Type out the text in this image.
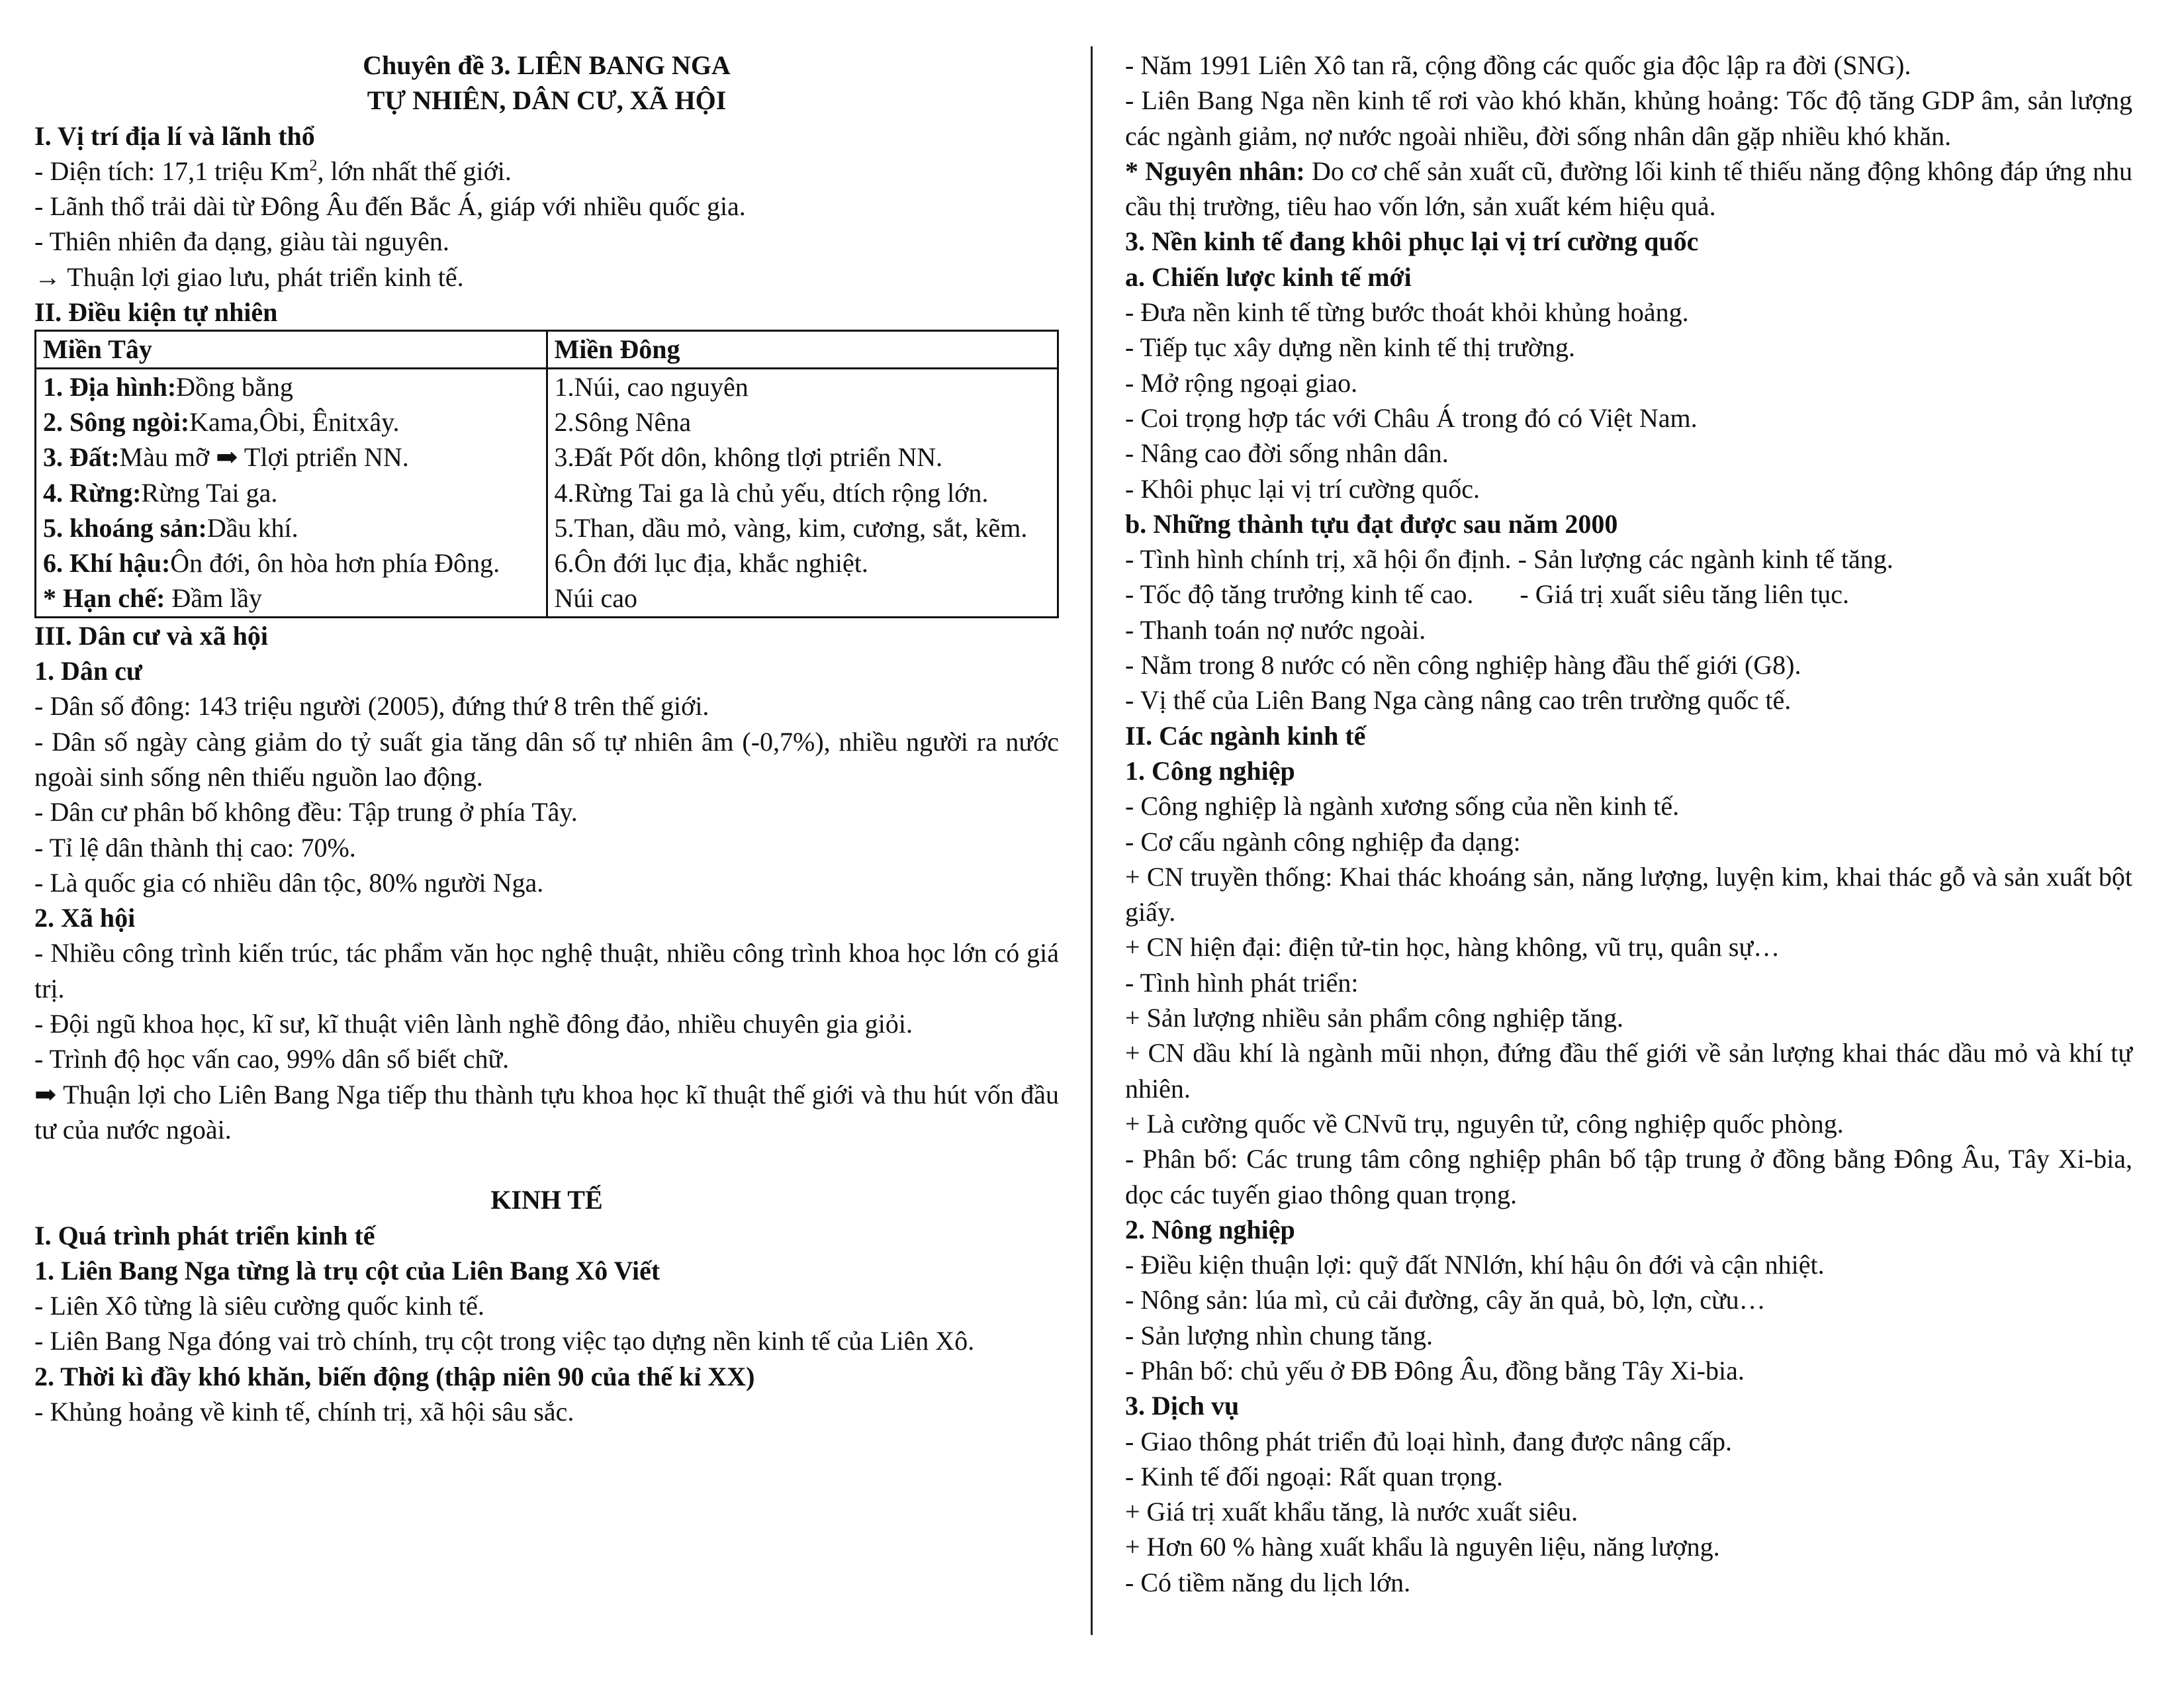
Chuyên đề 3. LIÊN BANG NGA
TỰ NHIÊN, DÂN CƯ, XÃ HỘI
I. Vị trí địa lí và lãnh thổ
- Diện tích: 17,1 triệu Km$^2$, lớn nhất thế giới.
- Lãnh thổ trải dài từ Đông Âu đến Bắc Á, giáp với nhiều quốc gia.
- Thiên nhiên đa dạng, giàu tài nguyên.
→ Thuận lợi giao lưu, phát triển kinh tế.
II. Điều kiện tự nhiên
Miền Tây	Miền Đông
1. Địa hình:Đồng bằng	1.Núi, cao nguyên
2. Sông ngòi:Kama,Ôbi, Ênitxây.	2.Sông Nêna
3. Đất:Màu mỡ ➡ Tlợi ptriển NN.	3.Đất Pốt dôn, không tlợi ptriển NN.
4. Rừng:Rừng Tai ga.	4.Rừng Tai ga là chủ yếu, dtích rộng lớn.
5. khoáng sản:Dầu khí.	5.Than, dầu mỏ, vàng, kim, cương, sắt, kẽm.
6. Khí hậu:Ôn đới, ôn hòa hơn phía Đông.	6.Ôn đới lục địa, khắc nghiệt.
* Hạn chế: Đầm lầy	Núi cao
III. Dân cư và xã hội
1. Dân cư
- Dân số đông: 143 triệu người (2005), đứng thứ 8 trên thế giới.
- Dân số ngày càng giảm do tỷ suất gia tăng dân số tự nhiên âm (-0,7%), nhiều người ra nước ngoài sinh sống nên thiếu nguồn lao động.
- Dân cư phân bố không đều: Tập trung ở phía Tây.
- Tỉ lệ dân thành thị cao: 70%.
- Là quốc gia có nhiều dân tộc, 80% người Nga.
2. Xã hội
- Nhiều công trình kiến trúc, tác phẩm văn học nghệ thuật, nhiều công trình khoa học lớn có giá trị.
- Đội ngũ khoa học, kĩ sư, kĩ thuật viên lành nghề đông đảo, nhiều chuyên gia giỏi.
- Trình độ học vấn cao, 99% dân số biết chữ.
➡ Thuận lợi cho Liên Bang Nga tiếp thu thành tựu khoa học kĩ thuật thế giới và thu hút vốn đầu tư của nước ngoài.
KINH TẾ
I. Quá trình phát triển kinh tế
1. Liên Bang Nga từng là trụ cột của Liên Bang Xô Viết
- Liên Xô từng là siêu cường quốc kinh tế.
- Liên Bang Nga đóng vai trò chính, trụ cột trong việc tạo dựng nền kinh tế của Liên Xô.
2. Thời kì đầy khó khăn, biến động (thập niên 90 của thế kỉ XX)
- Khủng hoảng về kinh tế, chính trị, xã hội sâu sắc.
- Năm 1991 Liên Xô tan rã, cộng đồng các quốc gia độc lập ra đời (SNG).
- Liên Bang Nga nền kinh tế rơi vào khó khăn, khủng hoảng: Tốc độ tăng GDP âm, sản lượng các ngành giảm, nợ nước ngoài nhiều, đời sống nhân dân gặp nhiều khó khăn.
* Nguyên nhân: Do cơ chế sản xuất cũ, đường lối kinh tế thiếu năng động không đáp ứng nhu cầu thị trường, tiêu hao vốn lớn, sản xuất kém hiệu quả.
3. Nền kinh tế đang khôi phục lại vị trí cường quốc
a. Chiến lược kinh tế mới
- Đưa nền kinh tế từng bước thoát khỏi khủng hoảng.
- Tiếp tục xây dựng nền kinh tế thị trường.
- Mở rộng ngoại giao.
- Coi trọng hợp tác với Châu Á trong đó có Việt Nam.
- Nâng cao đời sống nhân dân.
- Khôi phục lại vị trí cường quốc.
b. Những thành tựu đạt được sau năm 2000
- Tình hình chính trị, xã hội ổn định. - Sản lượng các ngành kinh tế tăng.
- Tốc độ tăng trưởng kinh tế cao. - Giá trị xuất siêu tăng liên tục.
- Thanh toán nợ nước ngoài.
- Nằm trong 8 nước có nền công nghiệp hàng đầu thế giới (G8).
- Vị thế của Liên Bang Nga càng nâng cao trên trường quốc tế.
II. Các ngành kinh tế
1. Công nghiệp
- Công nghiệp là ngành xương sống của nền kinh tế.
- Cơ cấu ngành công nghiệp đa dạng:
+ CN truyền thống: Khai thác khoáng sản, năng lượng, luyện kim, khai thác gỗ và sản xuất bột giấy.
+ CN hiện đại: điện tử-tin học, hàng không, vũ trụ, quân sự…
- Tình hình phát triển:
+ Sản lượng nhiều sản phẩm công nghiệp tăng.
+ CN dầu khí là ngành mũi nhọn, đứng đầu thế giới về sản lượng khai thác dầu mỏ và khí tự nhiên.
+ Là cường quốc về CNvũ trụ, nguyên tử, công nghiệp quốc phòng.
- Phân bố: Các trung tâm công nghiệp phân bố tập trung ở đồng bằng Đông Âu, Tây Xi-bia, dọc các tuyến giao thông quan trọng.
2. Nông nghiệp
- Điều kiện thuận lợi: quỹ đất NNlớn, khí hậu ôn đới và cận nhiệt.
- Nông sản: lúa mì, củ cải đường, cây ăn quả, bò, lợn, cừu…
- Sản lượng nhìn chung tăng.
- Phân bố: chủ yếu ở ĐB Đông Âu, đồng bằng Tây Xi-bia.
3. Dịch vụ
- Giao thông phát triển đủ loại hình, đang được nâng cấp.
- Kinh tế đối ngoại: Rất quan trọng.
+ Giá trị xuất khẩu tăng, là nước xuất siêu.
+ Hơn 60 % hàng xuất khẩu là nguyên liệu, năng lượng.
- Có tiềm năng du lịch lớn.
